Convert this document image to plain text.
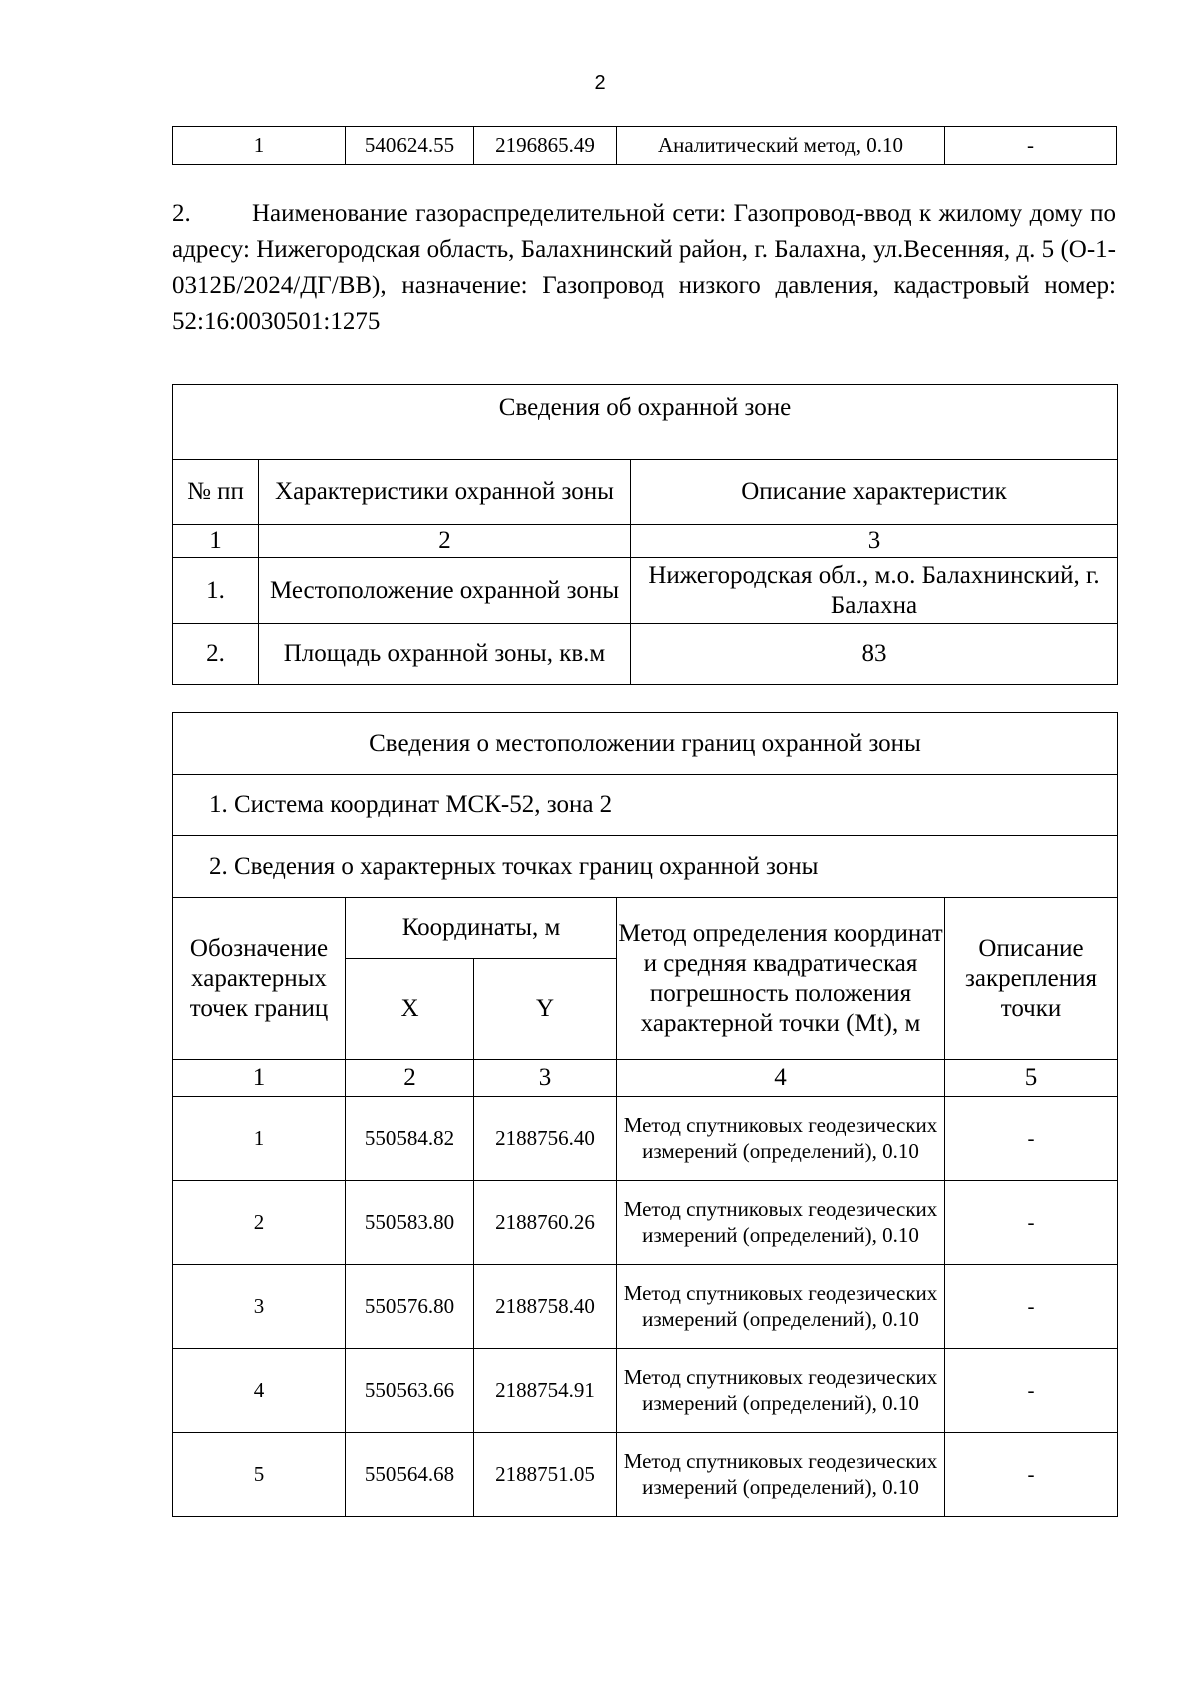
2
1	540624.55	2196865.49	Аналитический метод, 0.10	-
2. Наименование газораспределительной сети: Газопровод-ввод к жилому дому по адресу: Нижегородская область, Балахнинский район, г. Балахна, ул.Весенняя, д. 5 (О-1-0312Б/2024/ДГ/ВВ), назначение: Газопровод низкого давления, кадастровый номер: 52:16:0030501:1275
Сведения об охранной зоне		
№ пп	Характеристики охранной зоны	Описание характеристик
1	2	3
1.	Местоположение охранной зоны	Нижегородская обл., м.о. Балахнинский, г. Балахна
2.	Площадь охранной зоны, кв.м	83
Сведения о местоположении границ охранной зоны				
1. Система координат МСК-52, зона 2				
2. Сведения о характерных точках границ охранной зоны				
Обозначение характерных точек границ	Координаты, м		Метод определения координат и средняя квадратическая погрешность положения характерной точки (Mt), м	Описание закрепления точки
	X	Y		
1	2	3	4	5
1	550584.82	2188756.40	Метод спутниковых геодезических измерений (определений), 0.10	-
2	550583.80	2188760.26	Метод спутниковых геодезических измерений (определений), 0.10	-
3	550576.80	2188758.40	Метод спутниковых геодезических измерений (определений), 0.10	-
4	550563.66	2188754.91	Метод спутниковых геодезических измерений (определений), 0.10	-
5	550564.68	2188751.05	Метод спутниковых геодезических измерений (определений), 0.10	-
